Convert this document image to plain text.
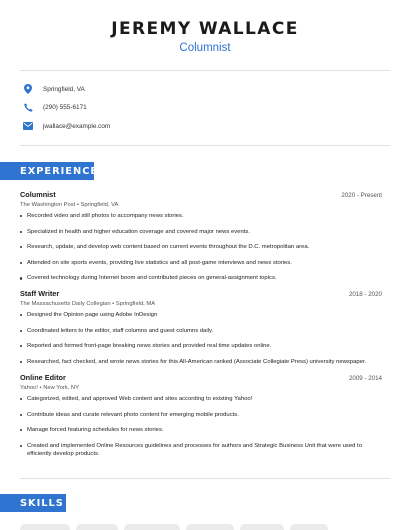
JEREMY WALLACE
Columnist
Springfield, VA
(290) 555-6171
jwallace@example.com
EXPERIENCE
Columnist	2020 - Present
The Washington Post • Springfield, VA
Recorded video and still photos to accompany news stories.
Specialized in health and higher education coverage and covered major news events.
Research, update, and develop web content based on current events throughout the D.C. metropolitan area.
Attended on site sports events, providing live statistics and all post-game interviews and news stories.
Covered technology during Internet boom and contributed pieces on general-assignment topics.
Staff Writer	2018 - 2020
The Massachusetts Daily Collegian • Springfield, MA
Designed the Opinion page using Adobe InDesign
Coordinated letters to the editor, staff columns and guest columns daily.
Reported and formed front-page breaking news stories and provided real time updates online.
Researched, fact checked, and wrote news stories for this All-American ranked (Associate Collegiate Press) university newspaper.
Online Editor	2009 - 2014
Yahoo! • New York, NY
Categorized, edited, and approved Web content and sites according to existing Yahoo!
Contribute ideas and curate relevant photo content for emerging mobile products.
Manage forced featuring schedules for news stories.
Created and implemented Online Resources guidelines and processes for authors and Strategic Business Unit that were used to efficiently develop products.
SKILLS
